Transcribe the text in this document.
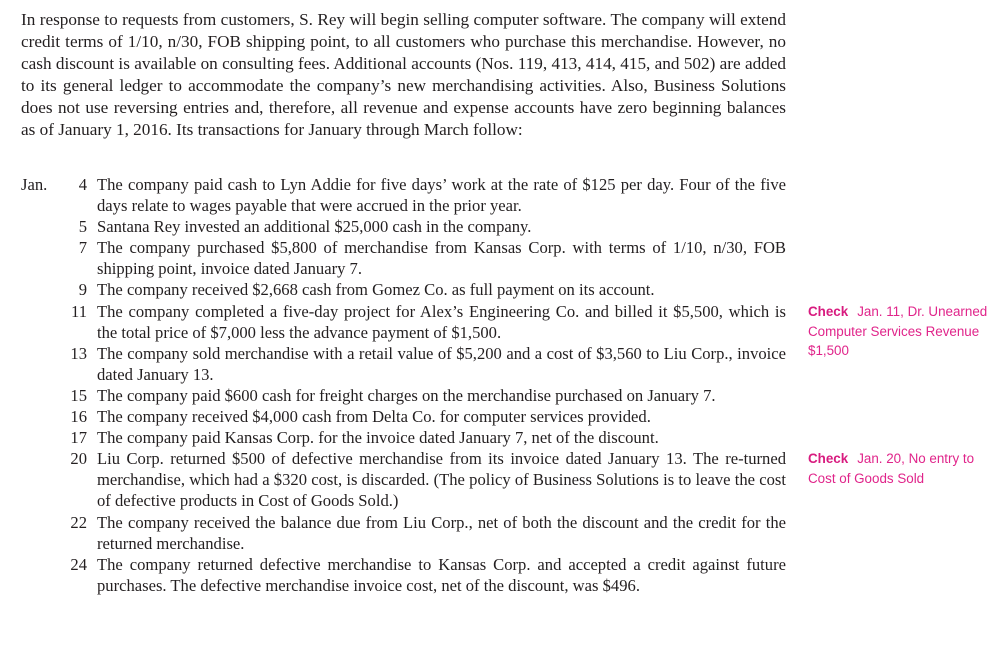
In response to requests from customers, S. Rey will begin selling computer software. The company will extend credit terms of 1/10, n/30, FOB shipping point, to all customers who purchase this merchandise. However, no cash discount is available on consulting fees. Additional accounts (Nos. 119, 413, 414, 415, and 502) are added to its general ledger to accommodate the company’s new merchandising activities. Also, Business Solutions does not use reversing entries and, therefore, all revenue and expense accounts have zero beginning balances as of January 1, 2016. Its transactions for January through March follow:

Jan.	4 The company paid cash to Lyn Addie for five days’ work at the rate of $125 per day. Four of the five days relate to wages payable that were accrued in the prior year.
5 Santana Rey invested an additional $25,000 cash in the company.
7 The company purchased $5,800 of merchandise from Kansas Corp. with terms of 1/10, n/30, FOB shipping point, invoice dated January 7.
9 The company received $2,668 cash from Gomez Co. as full payment on its account.
11 The company completed a five-day project for Alex’s Engineering Co. and billed it $5,500, which is the total price of $7,000 less the advance payment of $1,500.
13 The company sold merchandise with a retail value of $5,200 and a cost of $3,560 to Liu Corp., invoice dated January 13.
15 The company paid $600 cash for freight charges on the merchandise purchased on January 7.
16 The company received $4,000 cash from Delta Co. for computer services provided.
17 The company paid Kansas Corp. for the invoice dated January 7, net of the discount.
20 Liu Corp. returned $500 of defective merchandise from its invoice dated January 13. The re-turned merchandise, which had a $320 cost, is discarded. (The policy of Business Solutions is to leave the cost of defective products in Cost of Goods Sold.)
22 The company received the balance due from Liu Corp., net of both the discount and the credit for the returned merchandise.
24 The company returned defective merchandise to Kansas Corp. and accepted a credit against future purchases. The defective merchandise invoice cost, net of the discount, was $496.
Check Jan. 11, Dr. Unearned Computer Services Revenue $1,500
Check Jan. 20, No entry to Cost of Goods Sold
